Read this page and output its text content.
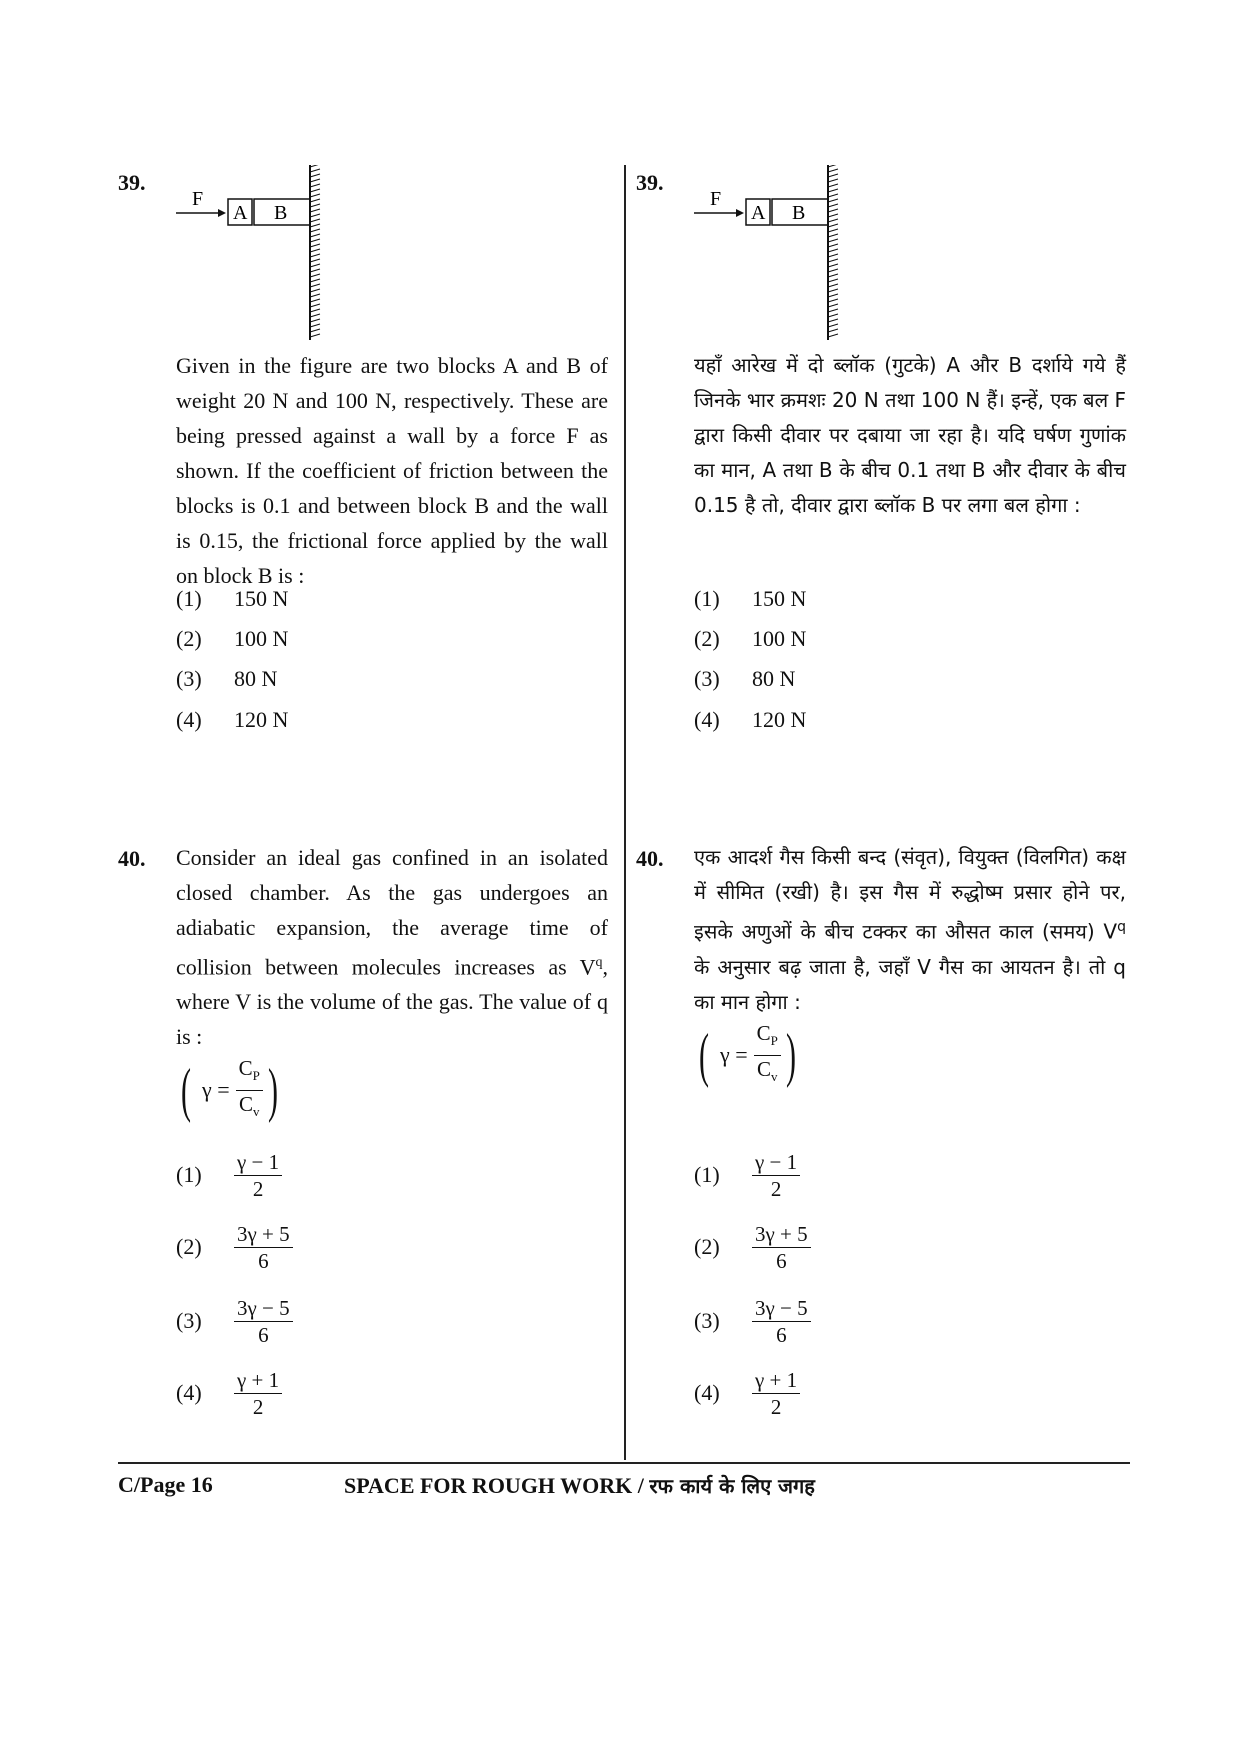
39.
F
A B
Given in the figure are two blocks A and B of weight 20 N and 100 N, respectively. These are being pressed against a wall by a force F as shown. If the coefficient of friction between the blocks is 0.1 and between block B and the wall is 0.15, the frictional force applied by the wall on block B is :
(1)	150 N
(2)	100 N
(3)	80 N
(4)	120 N
40. Consider an ideal gas confined in an isolated closed chamber. As the gas undergoes an adiabatic expansion, the average time of collision between molecules increases as $V^q$, where V is the volume of the gas. The value of q is :
( $\gamma = \frac{C_P}{C_v}$ )
(1)	$\frac{\gamma - 1}{2}$
(2)	$\frac{3\gamma + 5}{6}$
(3)	$\frac{3\gamma - 5}{6}$
(4)	$\frac{\gamma + 1}{2}$
39.
F
A B
यहाँ आरेख में दो ब्लॉक (गुटके) A और B दर्शाये गये हैं जिनके भार क्रमशः 20 N तथा 100 N हैं। इन्हें, एक बल F द्वारा किसी दीवार पर दबाया जा रहा है। यदि घर्षण गुणांक का मान, A तथा B के बीच 0.1 तथा B और दीवार के बीच 0.15 है तो, दीवार द्वारा ब्लॉक B पर लगा बल होगा :
(1)	150 N
(2)	100 N
(3)	80 N
(4)	120 N
40. एक आदर्श गैस किसी बन्द (संवृत), वियुक्त (विलगित) कक्ष में सीमित (रखी) है। इस गैस में रुद्धोष्म प्रसार होने पर, इसके अणुओं के बीच टक्कर का औसत काल (समय) $V^q$ के अनुसार बढ़ जाता है, जहाँ V गैस का आयतन है। तो q का मान होगा :
( $\gamma = \frac{C_P}{C_v}$ )
(1)	$\frac{\gamma - 1}{2}$
(2)	$\frac{3\gamma + 5}{6}$
(3)	$\frac{3\gamma - 5}{6}$
(4)	$\frac{\gamma + 1}{2}$
C/Page 16	SPACE FOR ROUGH WORK / रफ कार्य के लिए जगह
